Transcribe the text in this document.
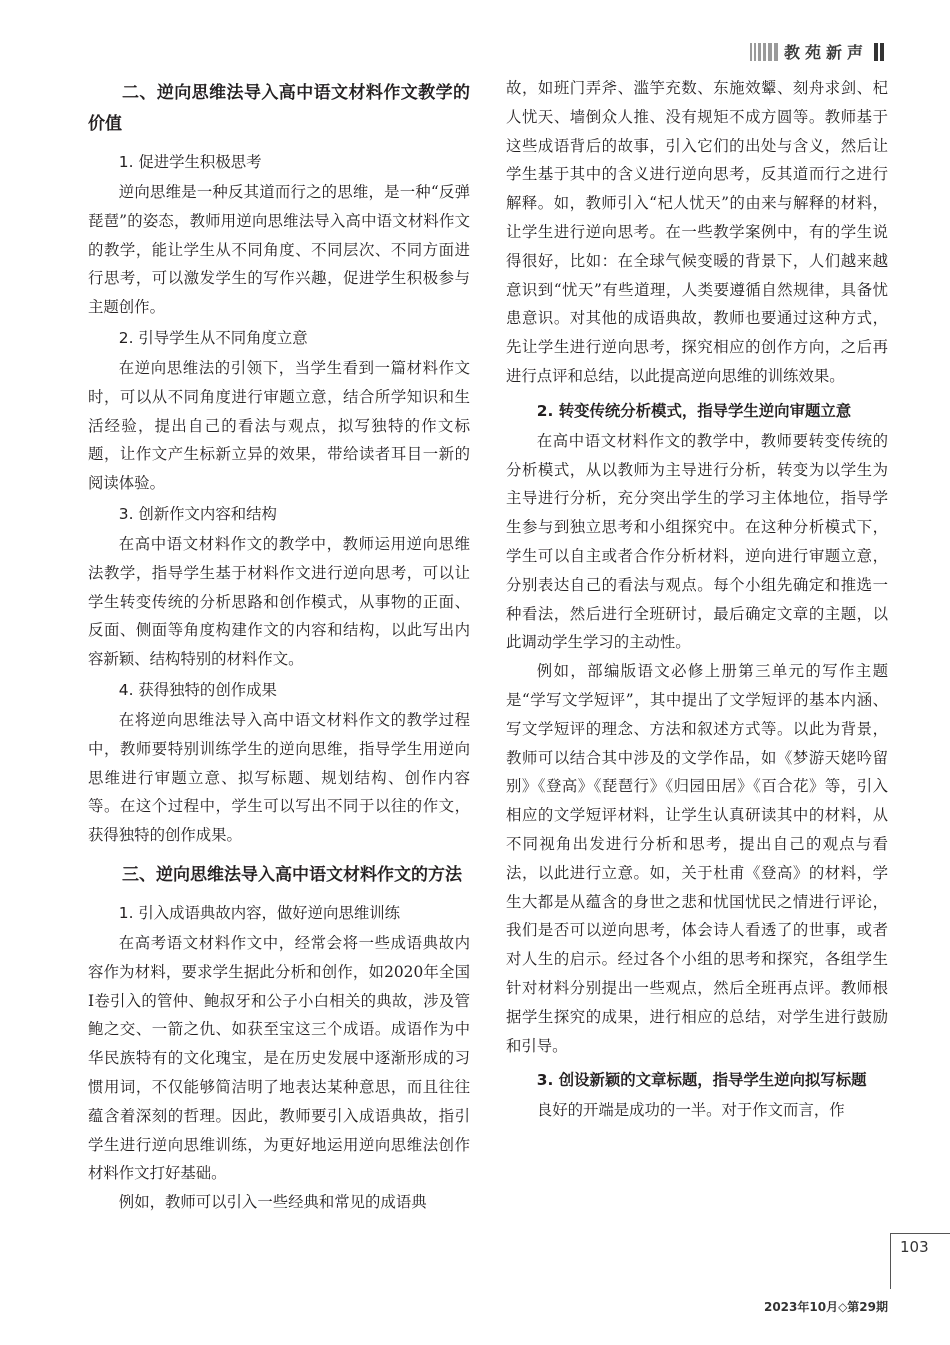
教苑新声
二、逆向思维法导入高中语文材料作文教学的价值
1. 促进学生积极思考

逆向思维是一种反其道而行之的思维，是一种“反弹琵琶”的姿态，教师用逆向思维法导入高中语文材料作文的教学，能让学生从不同角度、不同层次、不同方面进行思考，可以激发学生的写作兴趣，促进学生积极参与主题创作。

2. 引导学生从不同角度立意

在逆向思维法的引领下，当学生看到一篇材料作文时，可以从不同角度进行审题立意，结合所学知识和生活经验，提出自己的看法与观点，拟写独特的作文标题，让作文产生标新立异的效果，带给读者耳目一新的阅读体验。

3. 创新作文内容和结构

在高中语文材料作文的教学中，教师运用逆向思维法教学，指导学生基于材料作文进行逆向思考，可以让学生转变传统的分析思路和创作模式，从事物的正面、反面、侧面等角度构建作文的内容和结构，以此写出内容新颖、结构特别的材料作文。

4. 获得独特的创作成果

在将逆向思维法导入高中语文材料作文的教学过程中，教师要特别训练学生的逆向思维，指导学生用逆向思维进行审题立意、拟写标题、规划结构、创作内容等。在这个过程中，学生可以写出不同于以往的作文，获得独特的创作成果。

三、逆向思维法导入高中语文材料作文的方法
1. 引入成语典故内容，做好逆向思维训练

在高考语文材料作文中，经常会将一些成语典故内容作为材料，要求学生据此分析和创作，如2020年全国Ⅰ卷引入的管仲、鲍叔牙和公子小白相关的典故，涉及管鲍之交、一箭之仇、如获至宝这三个成语。成语作为中华民族特有的文化瑰宝，是在历史发展中逐渐形成的习惯用词，不仅能够简洁明了地表达某种意思，而且往往蕴含着深刻的哲理。因此，教师要引入成语典故，指引学生进行逆向思维训练，为更好地运用逆向思维法创作材料作文打好基础。

例如，教师可以引入一些经典和常见的成语典

故，如班门弄斧、滥竽充数、东施效颦、刻舟求剑、杞人忧天、墙倒众人推、没有规矩不成方圆等。教师基于这些成语背后的故事，引入它们的出处与含义，然后让学生基于其中的含义进行逆向思考，反其道而行之进行解释。如，教师引入“杞人忧天”的由来与解释的材料，让学生进行逆向思考。在一些教学案例中，有的学生说得很好，比如：在全球气候变暖的背景下，人们越来越意识到“忧天”有些道理，人类要遵循自然规律，具备忧患意识。对其他的成语典故，教师也要通过这种方式，先让学生进行逆向思考，探究相应的创作方向，之后再进行点评和总结，以此提高逆向思维的训练效果。

2. 转变传统分析模式，指导学生逆向审题立意

在高中语文材料作文的教学中，教师要转变传统的分析模式，从以教师为主导进行分析，转变为以学生为主导进行分析，充分突出学生的学习主体地位，指导学生参与到独立思考和小组探究中。在这种分析模式下，学生可以自主或者合作分析材料，逆向进行审题立意，分别表达自己的看法与观点。每个小组先确定和推选一种看法，然后进行全班研讨，最后确定文章的主题，以此调动学生学习的主动性。

例如，部编版语文必修上册第三单元的写作主题是“学写文学短评”，其中提出了文学短评的基本内涵、写文学短评的理念、方法和叙述方式等。以此为背景，教师可以结合其中涉及的文学作品，如《梦游天姥吟留别》《登高》《琵琶行》《归园田居》《百合花》等，引入相应的文学短评材料，让学生认真研读其中的材料，从不同视角出发进行分析和思考，提出自己的观点与看法，以此进行立意。如，关于杜甫《登高》的材料，学生大都是从蕴含的身世之悲和忧国忧民之情进行评论，我们是否可以逆向思考，体会诗人看透了的世事，或者对人生的启示。经过各个小组的思考和探究，各组学生针对材料分别提出一些观点，然后全班再点评。教师根据学生探究的成果，进行相应的总结，对学生进行鼓励和引导。

3. 创设新颖的文章标题，指导学生逆向拟写标题

良好的开端是成功的一半。对于作文而言，作

103
2023年10月◇第29期
